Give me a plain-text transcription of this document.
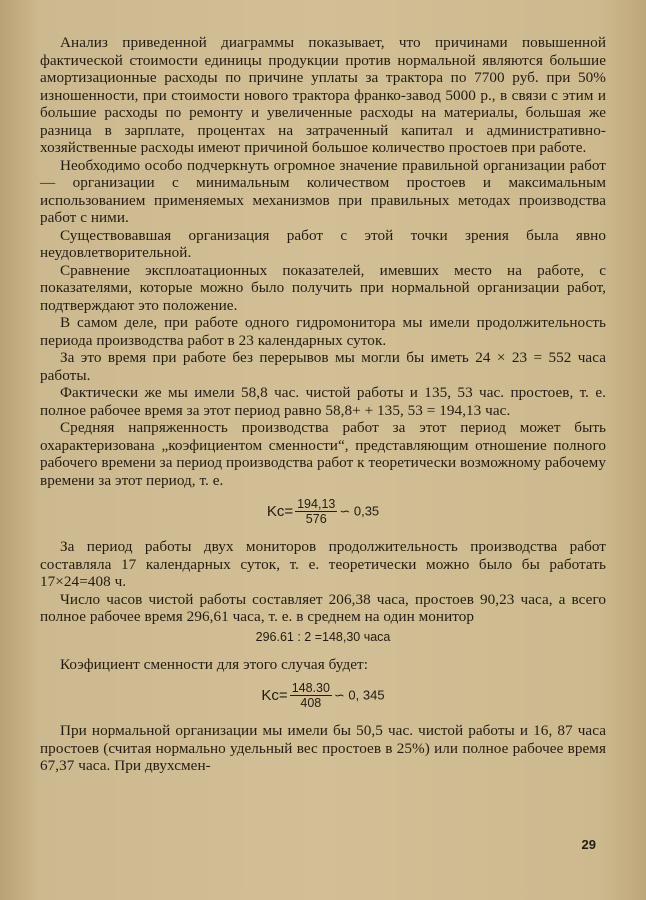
Анализ приведенной диаграммы показывает, что причинами повышенной фактической стоимости единицы продукции против нормальной являются большие амортизационные расходы по причине уплаты за трактора по 7700 руб. при 50% изношенности, при стоимости нового трактора франко-завод 5000 р., в связи с этим и большие расходы по ремонту и увеличенные расходы на материалы, большая же разница в зарплате, процентах на затраченный капитал и административно-хозяйственные расходы имеют причиной большое количество простоев при работе.

Необходимо особо подчеркнуть огромное значение правильной организации работ — организации с минимальным количеством простоев и максимальным использованием применяемых механизмов при правильных методах производства работ с ними.

Существовавшая организация работ с этой точки зрения была явно неудовлетворительной.

Сравнение эксплоатационных показателей, имевших место на работе, с показателями, которые можно было получить при нормальной организации работ, подтверждают это положение.

В самом деле, при работе одного гидромонитора мы имели продолжительность периода производства работ в 23 календарных суток.

За это время при работе без перерывов мы могли бы иметь 24 × 23 = 552 часа работы.

Фактически же мы имели 58,8 час. чистой работы и 135, 53 час. простоев, т. е. полное рабочее время за этот период равно 58,8+ + 135, 53 = 194,13 час.

Средняя напряженность производства работ за этот период может быть охарактеризована „коэфициентом сменности“, представляющим отношение полного рабочего времени за период производства работ к теоретически возможному рабочему времени за этот период, т. е.

$Kc= \frac{194,13}{576}$ ∽ 0,35

За период работы двух мониторов продолжительность производства работ составляла 17 календарных суток, т. е. теоретически можно было бы работать 17×24=408 ч.

Число часов чистой работы составляет 206,38 часа, простоев 90,23 часа, а всего полное рабочее время 296,61 часа, т. е. в среднем на один монитор

296.61 : 2 =148,30 часа

Коэфициент сменности для этого случая будет:

$Kc= \frac{148.30}{408}$ ∽ 0, 345

При нормальной организации мы имели бы 50,5 час. чистой работы и 16, 87 часа простоев (считая нормально удельный вес простоев в 25%) или полное рабочее время 67,37 часа. При двухсмен-

29
